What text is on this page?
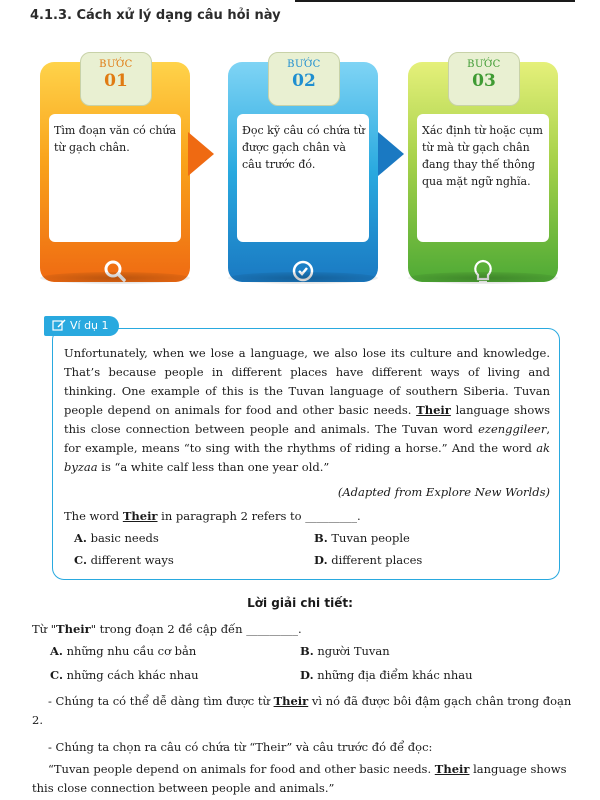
4.1.3. Cách xử lý dạng câu hỏi này
BƯỚC
01
Tìm đoạn văn có chứa từ gạch chân.
BƯỚC
02
Đọc kỹ câu có chứa từ được gạch chân và câu trước đó.
BƯỚC
03
Xác định từ hoặc cụm từ mà từ gạch chân đang thay thế thông qua mặt ngữ nghĩa.
Ví dụ 1
Unfortunately, when we lose a language, we also lose its culture and knowledge. That’s because people in different places have different ways of living and thinking. One example of this is the Tuvan language of southern Siberia. Tuvan people depend on animals for food and other basic needs. Their language shows this close connection between people and animals. The Tuvan word ezenggileer, for example, means “to sing with the rhythms of riding a horse.” And the word ak byzaa is “a white calf less than one year old.”
(Adapted from Explore New Worlds)
The word Their in paragraph 2 refers to _________.
A. basic needs	B. Tuvan people
C. different ways	D. different places
Lời giải chi tiết:
Từ "Their" trong đoạn 2 đề cập đến _________.
A. những nhu cầu cơ bản	B. người Tuvan
C. những cách khác nhau	D. những địa điểm khác nhau
- Chúng ta có thể dễ dàng tìm được từ Their vì nó đã được bôi đậm gạch chân trong đoạn 2.
- Chúng ta chọn ra câu có chứa từ “Their” và câu trước đó để đọc:
“Tuvan people depend on animals for food and other basic needs. Their language shows this close connection between people and animals.”
